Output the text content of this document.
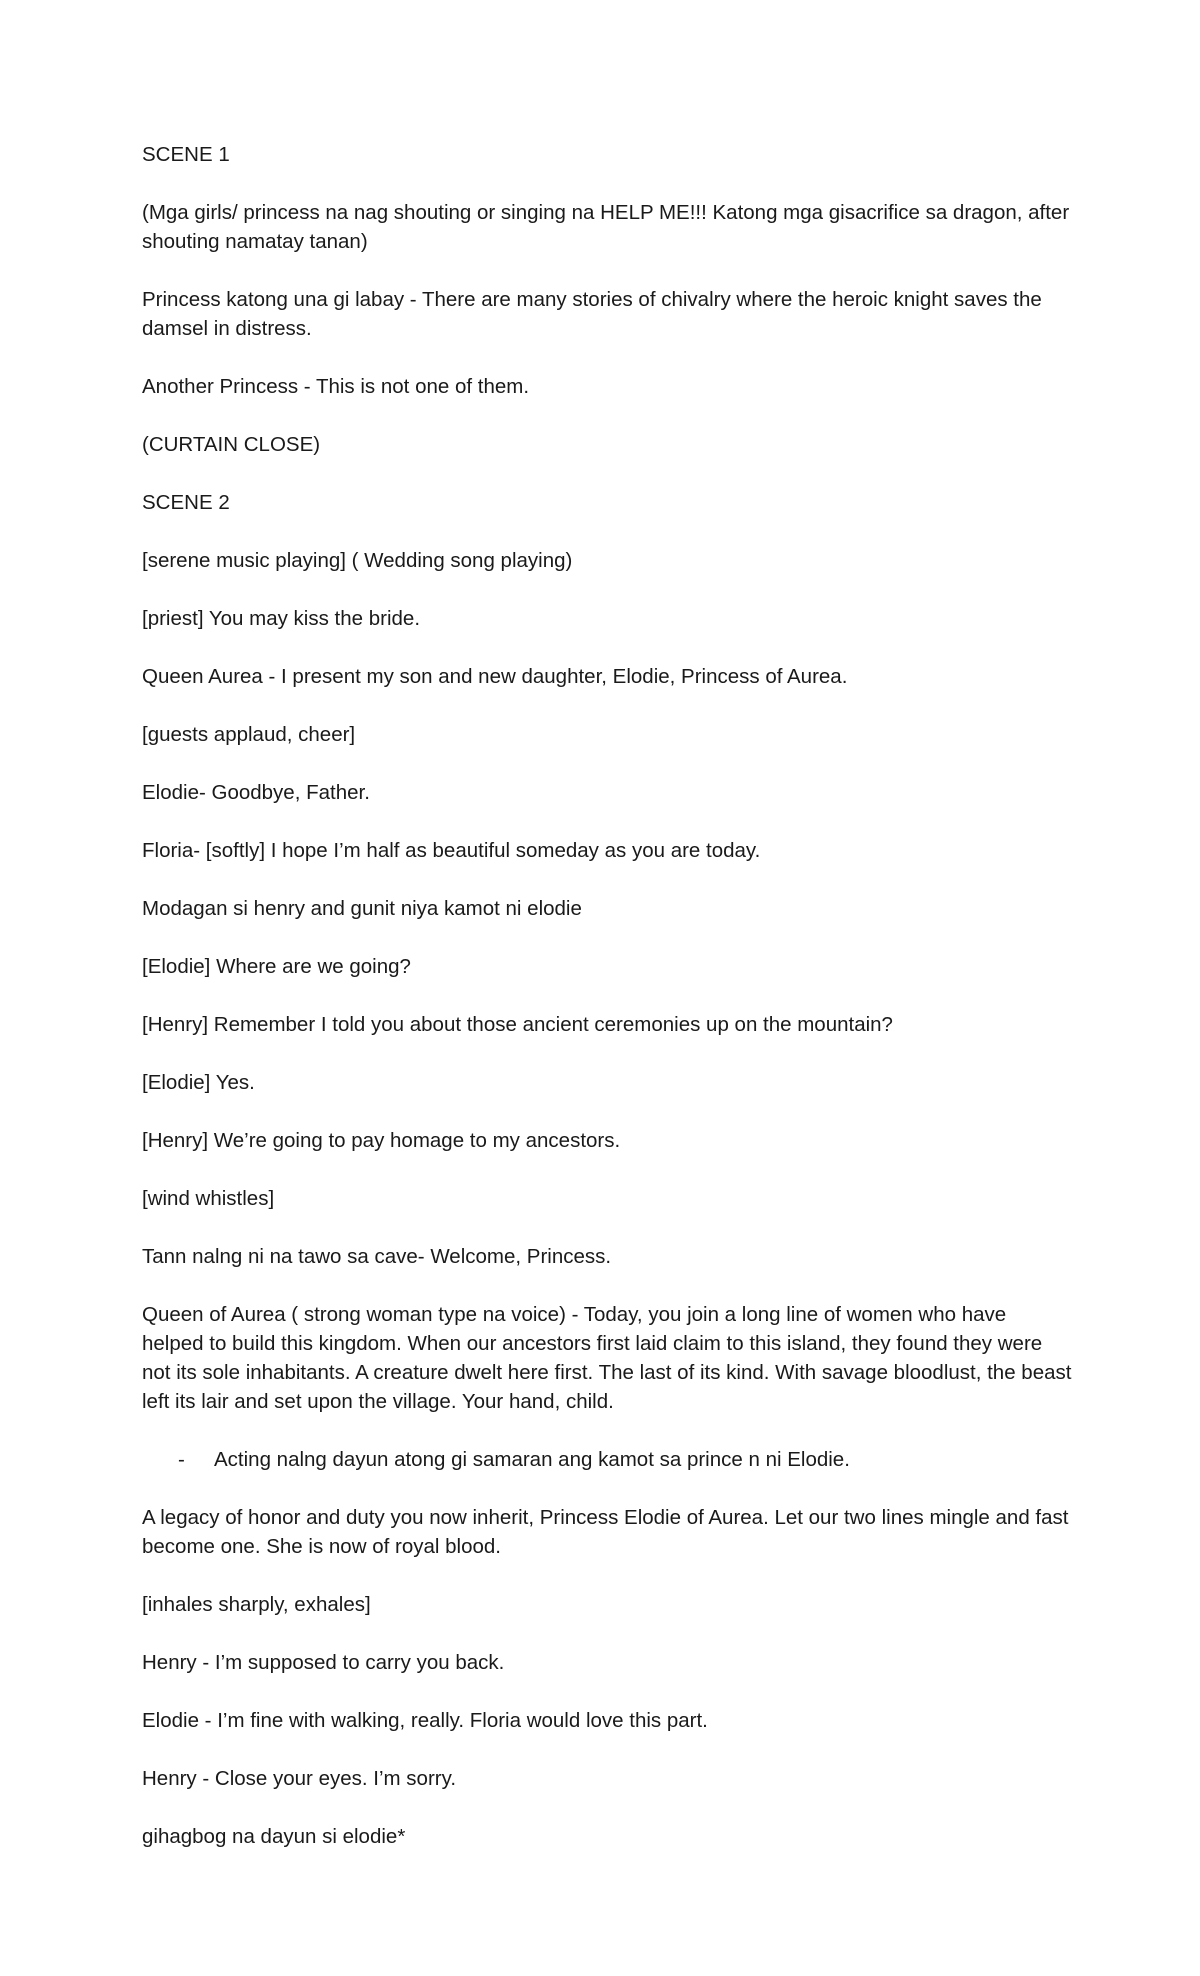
SCENE 1

(Mga girls/ princess na nag shouting or singing na HELP ME!!! Katong mga gisacrifice sa dragon, after shouting namatay tanan)

Princess katong una gi labay - There are many stories of chivalry where the heroic knight saves the damsel in distress.

Another Princess - This is not one of them.

(CURTAIN CLOSE)

SCENE 2

[serene music playing] ( Wedding song playing)

[priest] You may kiss the bride.

Queen Aurea - I present my son and new daughter, Elodie, Princess of Aurea.

[guests applaud, cheer]

Elodie- Goodbye, Father.

Floria- [softly] I hope I’m half as beautiful someday as you are today.

Modagan si henry and gunit niya kamot ni elodie

[Elodie] Where are we going?

[Henry] Remember I told you about those ancient ceremonies up on the mountain?

[Elodie] Yes.

[Henry] We’re going to pay homage to my ancestors.

[wind whistles]

Tann nalng ni na tawo sa cave- Welcome, Princess.

Queen of Aurea ( strong woman type na voice) - Today, you join a long line of women who have helped to build this kingdom. When our ancestors first laid claim to this island, they found they were not its sole inhabitants. A creature dwelt here first. The last of its kind. With savage bloodlust, the beast left its lair and set upon the village. Your hand, child.

-	Acting nalng dayun atong gi samaran ang kamot sa prince n ni Elodie.

A legacy of honor and duty you now inherit, Princess Elodie of Aurea. Let our two lines mingle and fast become one. She is now of royal blood.

[inhales sharply, exhales]

Henry - I’m supposed to carry you back.

Elodie - I’m fine with walking, really. Floria would love this part.

Henry - Close your eyes. I’m sorry.

gihagbog na dayun si elodie*
